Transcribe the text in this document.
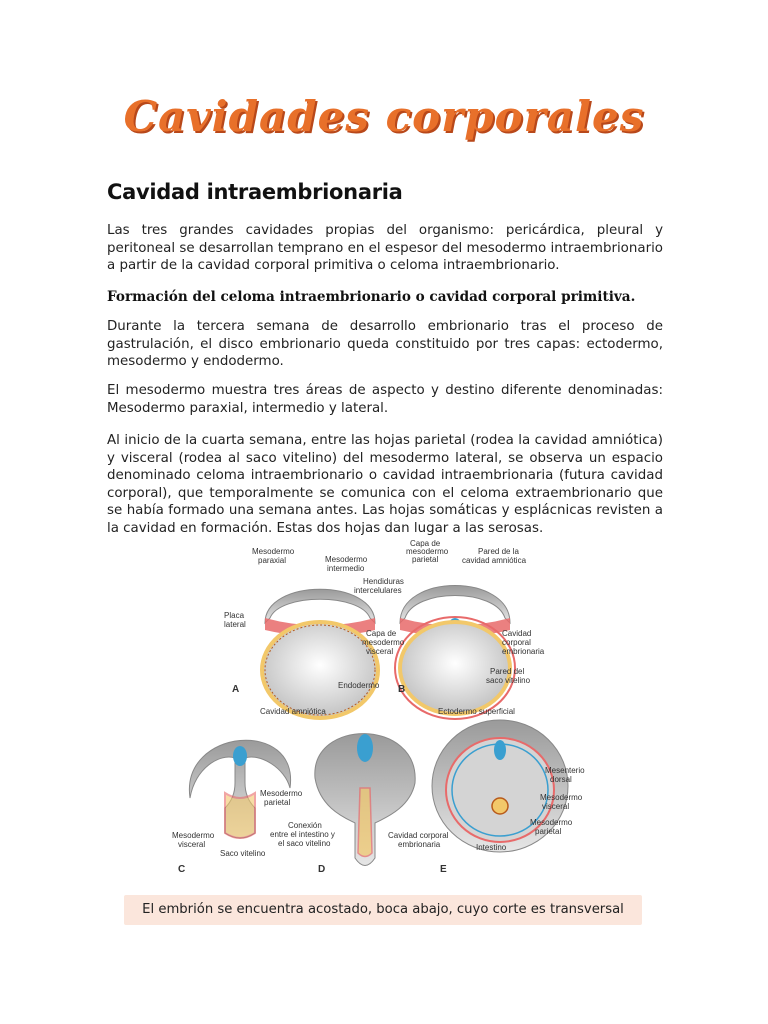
Cavidades corporales
Cavidad intraembrionaria
Las tres grandes cavidades propias del organismo: pericárdica, pleural y peritoneal se desarrollan temprano en el espesor del mesodermo intraembrionario a partir de la cavidad corporal primitiva o celoma intraembrionario.
Formación del celoma intraembrionario o cavidad corporal primitiva.
Durante la tercera semana de desarrollo embrionario tras el proceso de gastrulación, el disco embrionario queda constituido por tres capas: ectodermo, mesodermo y endodermo.
El mesodermo muestra tres áreas de aspecto y destino diferente denominadas: Mesodermo paraxial, intermedio y lateral.
Al inicio de la cuarta semana, entre las hojas parietal (rodea la cavidad amniótica) y visceral (rodea al saco vitelino) del mesodermo lateral, se observa un espacio denominado celoma intraembrionario o cavidad intraembrionaria (futura cavidad corporal), que temporalmente se comunica con el celoma extraembrionario que se había formado una semana antes. Las hojas somáticas y esplácnicas revisten a la cavidad en formación. Estas dos hojas dan lugar a las serosas.
Mesodermo
paraxial	Mesodermo
intermedio
Hendiduras
intercelulares
Placa
lateral
Endodermo
A
Capa de
mesodermo
parietal
Pared de la
cavidad amniótica
Capa de
mesodermo
visceral
Cavidad
corporal
embrionaria
Pared del
saco vitelino
B
Cavidad amniótica
Mesodermo
parietal
Mesodermo
visceral
Saco vitelino
C
Conexión
entre el intestino y
el saco vitelino
Cavidad corporal
embrionaria
D
Ectodermo superficial
Mesenterio
dorsal
Mesodermo
visceral
Mesodermo
parietal
Intestino
E
El embrión se encuentra acostado, boca abajo, cuyo corte es transversal
